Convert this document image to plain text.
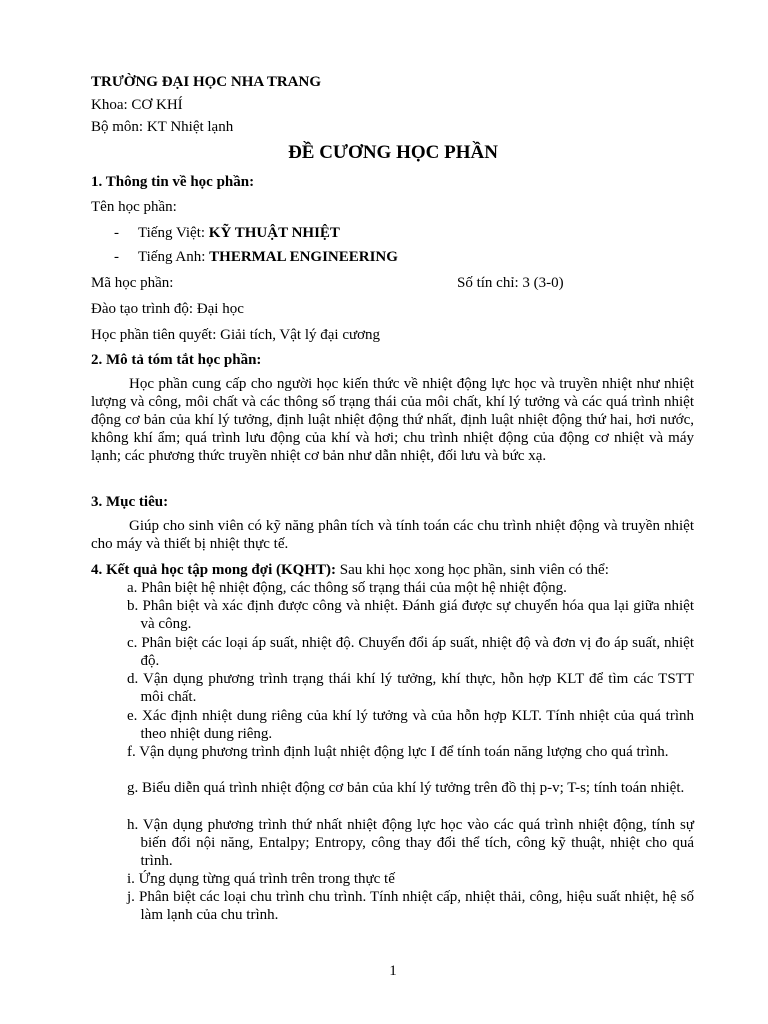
TRƯỜNG ĐẠI HỌC NHA TRANG
Khoa: CƠ KHÍ
Bộ môn: KT Nhiệt lạnh
ĐỀ CƯƠNG HỌC PHẦN
1. Thông tin về học phần:
Tên học phần:
- Tiếng Việt: KỸ THUẬT NHIỆT
- Tiếng Anh: THERMAL ENGINEERING
Mã học phần:	Số tín chỉ: 3 (3-0)
Đào tạo trình độ: Đại học
Học phần tiên quyết: Giải tích, Vật lý đại cương
2. Mô tả tóm tắt học phần:
Học phần cung cấp cho người học kiến thức về nhiệt động lực học và truyền nhiệt như nhiệt lượng và công, môi chất và các thông số trạng thái của môi chất, khí lý tưởng và các quá trình nhiệt động cơ bản của khí lý tưởng, định luật nhiệt động thứ nhất, định luật nhiệt động thứ hai, hơi nước, không khí ẩm; quá trình lưu động của khí và hơi; chu trình nhiệt động của động cơ nhiệt và máy lạnh; các phương thức truyền nhiệt cơ bản như dẫn nhiệt, đối lưu và bức xạ.
3. Mục tiêu:
Giúp cho sinh viên có kỹ năng phân tích và tính toán các chu trình nhiệt động và truyền nhiệt cho máy và thiết bị nhiệt thực tế.
4. Kết quả học tập mong đợi (KQHT): Sau khi học xong học phần, sinh viên có thể:
a. Phân biệt hệ nhiệt động, các thông số trạng thái của một hệ nhiệt động.
b. Phân biệt và xác định được công và nhiệt. Đánh giá được sự chuyển hóa qua lại giữa nhiệt và công.
c. Phân biệt các loại áp suất, nhiệt độ. Chuyển đổi áp suất, nhiệt độ và đơn vị đo áp suất, nhiệt độ.
d. Vận dụng phương trình trạng thái khí lý tưởng, khí thực, hỗn hợp KLT để tìm các TSTT môi chất.
e. Xác định nhiệt dung riêng của khí lý tưởng và của hỗn hợp KLT. Tính nhiệt của quá trình theo nhiệt dung riêng.
f. Vận dụng phương trình định luật nhiệt động lực I để tính toán năng lượng cho quá trình.
g. Biểu diễn quá trình nhiệt động cơ bản của khí lý tưởng trên đồ thị p-v; T-s; tính toán nhiệt.
h. Vận dụng phương trình thứ nhất nhiệt động lực học vào các quá trình nhiệt động, tính sự biến đổi nội năng, Entalpy; Entropy, công thay đổi thể tích, công kỹ thuật, nhiệt cho quá trình.
i. Ứng dụng từng quá trình trên trong thực tế
j. Phân biệt các loại chu trình chu trình. Tính nhiệt cấp, nhiệt thải, công, hiệu suất nhiệt, hệ số làm lạnh của chu trình.
1
